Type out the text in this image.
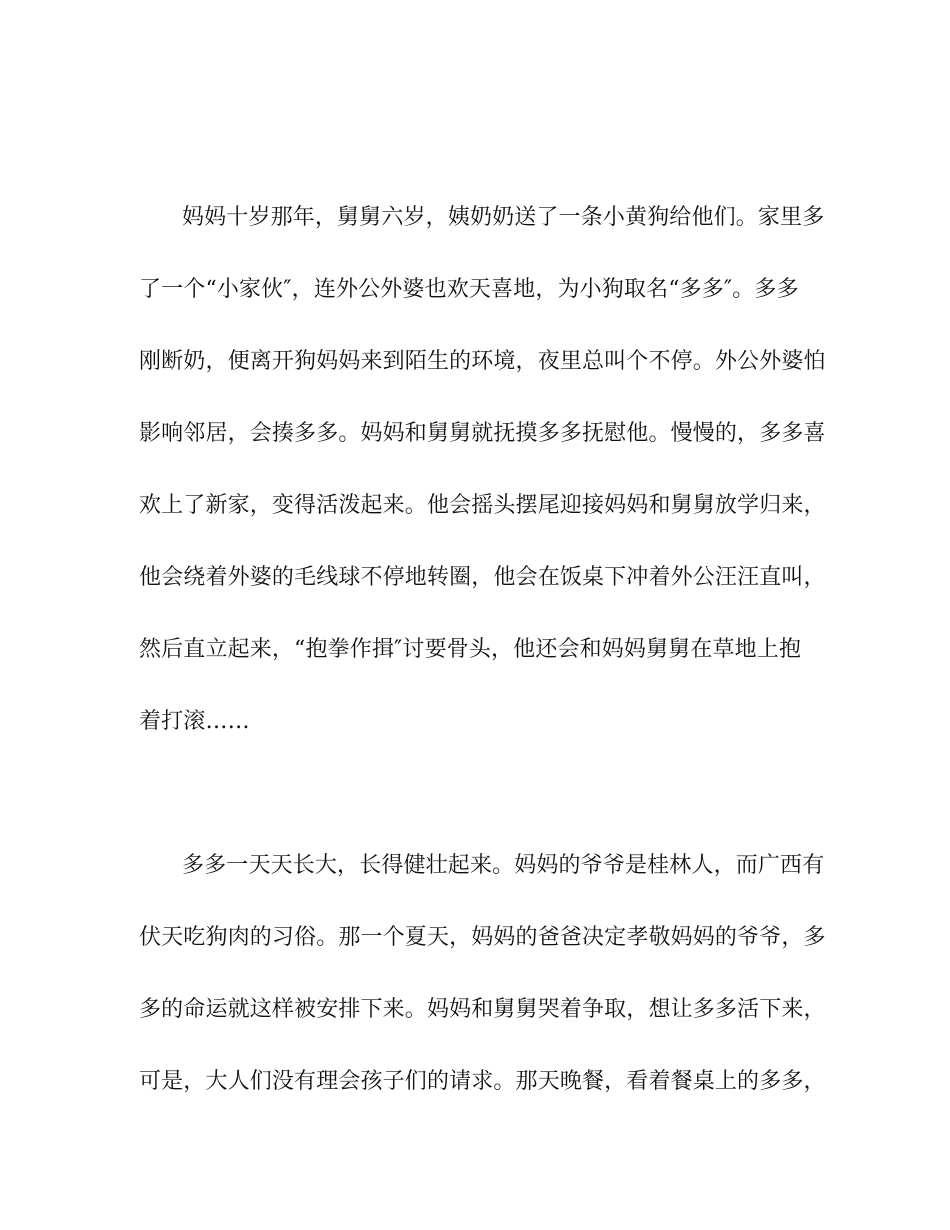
妈妈十岁那年，舅舅六岁，姨奶奶送了一条小黄狗给他们。家里多
了一个“小家伙″，连外公外婆也欢天喜地，为小狗取名“多多″。多多
刚断奶，便离开狗妈妈来到陌生的环境，夜里总叫个不停。外公外婆怕
影响邻居，会揍多多。妈妈和舅舅就抚摸多多抚慰他。慢慢的，多多喜
欢上了新家，变得活泼起来。他会摇头摆尾迎接妈妈和舅舅放学归来，
他会绕着外婆的毛线球不停地转圈，他会在饭桌下冲着外公汪汪直叫，
然后直立起来，“抱拳作揖″讨要骨头，他还会和妈妈舅舅在草地上抱
着打滚……
多多一天天长大，长得健壮起来。妈妈的爷爷是桂林人，而广西有
伏天吃狗肉的习俗。那一个夏天，妈妈的爸爸决定孝敬妈妈的爷爷，多
多的命运就这样被安排下来。妈妈和舅舅哭着争取，想让多多活下来，
可是，大人们没有理会孩子们的请求。那天晚餐，看着餐桌上的多多，
